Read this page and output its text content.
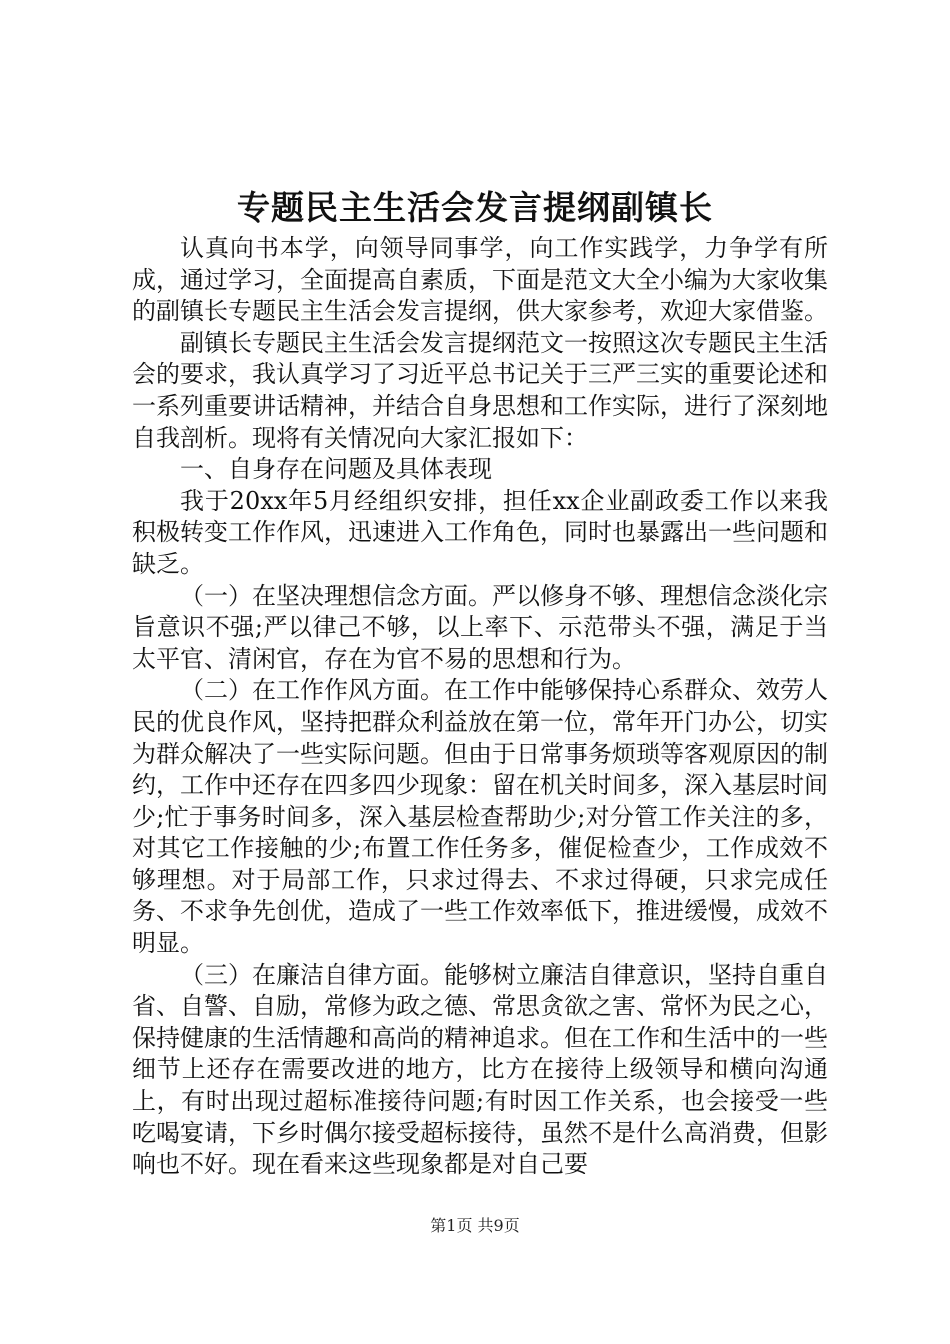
专题民主生活会发言提纲副镇长

认真向书本学，向领导同事学，向工作实践学，力争学有所成，通过学习，全面提高自素质，下面是范文大全小编为大家收集的副镇长专题民主生活会发言提纲，供大家参考，欢迎大家借鉴。

副镇长专题民主生活会发言提纲范文一按照这次专题民主生活会的要求，我认真学习了习近平总书记关于三严三实的重要论述和一系列重要讲话精神，并结合自身思想和工作实际，进行了深刻地自我剖析。现将有关情况向大家汇报如下：

一、自身存在问题及具体表现

我于20xx年5月经组织安排，担任xx企业副政委工作以来我积极转变工作作风，迅速进入工作角色，同时也暴露出一些问题和缺乏。

（一）在坚决理想信念方面。严以修身不够、理想信念淡化宗旨意识不强;严以律己不够，以上率下、示范带头不强，满足于当太平官、清闲官，存在为官不易的思想和行为。

（二）在工作作风方面。在工作中能够保持心系群众、效劳人民的优良作风，坚持把群众利益放在第一位，常年开门办公，切实为群众解决了一些实际问题。但由于日常事务烦琐等客观原因的制约，工作中还存在四多四少现象：留在机关时间多，深入基层时间少;忙于事务时间多，深入基层检查帮助少;对分管工作关注的多，对其它工作接触的少;布置工作任务多，催促检查少，工作成效不够理想。对于局部工作，只求过得去、不求过得硬，只求完成任务、不求争先创优，造成了一些工作效率低下，推进缓慢，成效不明显。

（三）在廉洁自律方面。能够树立廉洁自律意识，坚持自重自省、自警、自励，常修为政之德、常思贪欲之害、常怀为民之心，保持健康的生活情趣和高尚的精神追求。但在工作和生活中的一些细节上还存在需要改进的地方，比方在接待上级领导和横向沟通上，有时出现过超标准接待问题;有时因工作关系，也会接受一些吃喝宴请，下乡时偶尔接受超标接待，虽然不是什么高消费，但影响也不好。现在看来这些现象都是对自己要

第1页 共9页
